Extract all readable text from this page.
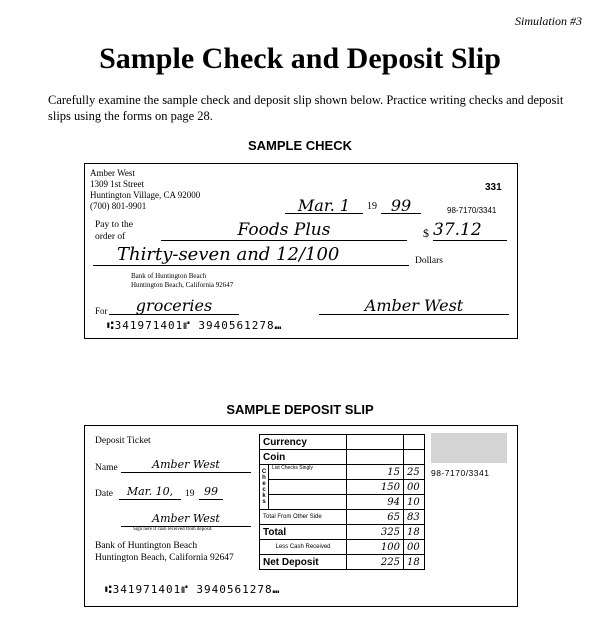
Simulation #3
Sample Check and Deposit Slip
Carefully examine the sample check and deposit slip shown below. Practice writing checks and deposit slips using the forms on page 28.
SAMPLE CHECK
Amber West
1309 1st Street
Huntington Village, CA 92000
(700) 801-9901
331
Mar. 1	19 99	98-7170/3341
Pay to the
order of	Foods Plus	$ 37.12
Thirty-seven and 12/100	Dollars
Bank of Huntington Beach
Huntington Beach, California 92647
For	groceries	Amber West
⑆341971401⑈ 3940561278⑉
SAMPLE DEPOSIT SLIP
Deposit Ticket
Name	Amber West
Date	Mar. 10,	19 99
Amber West
Sign here if cash received from deposit.
Bank of Huntington Beach
Huntington Beach, California 92647
⑆341971401⑈ 3940561278⑉
Currency			
Coin			
Checks	List Checks Singly	15	25
		150	00
		94	10
Total From Other Side		65	83
Total		325	18
Less Cash Received		100	00
Net Deposit		225	18
98-7170/3341
